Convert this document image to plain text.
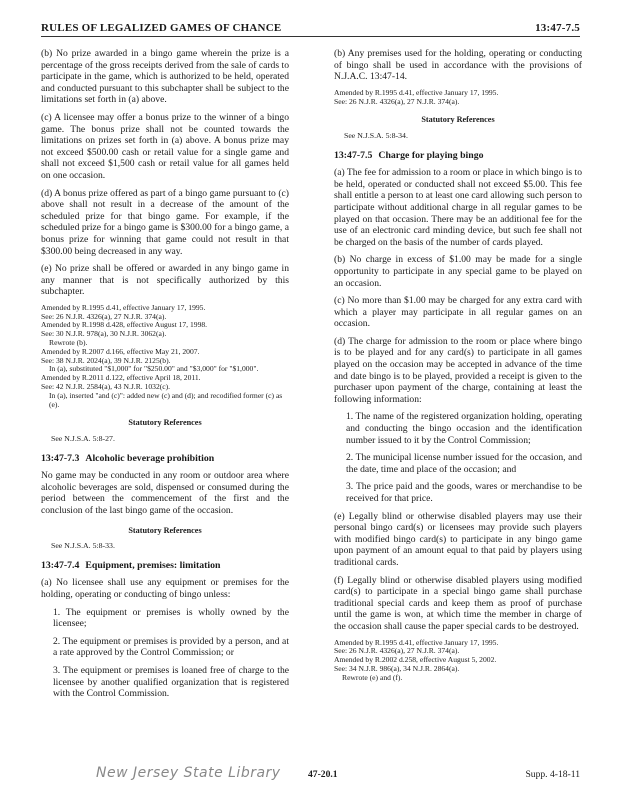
RULES OF LEGALIZED GAMES OF CHANCE	13:47-7.5

(b) No prize awarded in a bingo game wherein the prize is a percentage of the gross receipts derived from the sale of cards to participate in the game, which is authorized to be held, operated and conducted pursuant to this subchapter shall be subject to the limitations set forth in (a) above.

(c) A licensee may offer a bonus prize to the winner of a bingo game. The bonus prize shall not be counted towards the limitations on prizes set forth in (a) above. A bonus prize may not exceed $500.00 cash or retail value for a single game and shall not exceed $1,500 cash or retail value for all games held on one occasion.

(d) A bonus prize offered as part of a bingo game pursuant to (c) above shall not result in a decrease of the amount of the scheduled prize for that bingo game. For example, if the scheduled prize for a bingo game is $300.00 for a bingo game, a bonus prize for winning that game could not result in that $300.00 being decreased in any way.

(e) No prize shall be offered or awarded in any bingo game in any manner that is not specifically authorized by this subchapter.

Amended by R.1995 d.41, effective January 17, 1995.
See: 26 N.J.R. 4326(a), 27 N.J.R. 374(a).
Amended by R.1998 d.428, effective August 17, 1998.
See: 30 N.J.R. 978(a), 30 N.J.R. 3062(a).
Rewrote (b).
Amended by R.2007 d.166, effective May 21, 2007.
See: 38 N.J.R. 2024(a), 39 N.J.R. 2125(b).
In (a), substituted "$1,000" for "$250.00" and "$3,000" for "$1,000".
Amended by R.2011 d.122, effective April 18, 2011.
See: 42 N.J.R. 2584(a), 43 N.J.R. 1032(c).
In (a), inserted "and (c)": added new (c) and (d); and recodified former (c) as (e).
Statutory References
See N.J.S.A. 5:8-27.
13:47-7.3 Alcoholic beverage prohibition

No game may be conducted in any room or outdoor area where alcoholic beverages are sold, dispensed or consumed during the period between the commencement of the first and the conclusion of the last bingo game of the occasion.

Statutory References
See N.J.S.A. 5:8-33.
13:47-7.4 Equipment, premises: limitation

(a) No licensee shall use any equipment or premises for the holding, operating or conducting of bingo unless:

1. The equipment or premises is wholly owned by the licensee;

2. The equipment or premises is provided by a person, and at a rate approved by the Control Commission; or

3. The equipment or premises is loaned free of charge to the licensee by another qualified organization that is registered with the Control Commission.

(b) Any premises used for the holding, operating or conducting of bingo shall be used in accordance with the provisions of N.J.A.C. 13:47-14.

Amended by R.1995 d.41, effective January 17, 1995.
See: 26 N.J.R. 4326(a), 27 N.J.R. 374(a).
Statutory References
See N.J.S.A. 5:8-34.
13:47-7.5 Charge for playing bingo

(a) The fee for admission to a room or place in which bingo is to be held, operated or conducted shall not exceed $5.00. This fee shall entitle a person to at least one card allowing such person to participate without additional charge in all regular games to be played on that occasion. There may be an additional fee for the use of an electronic card minding device, but such fee shall not be charged on the basis of the number of cards played.

(b) No charge in excess of $1.00 may be made for a single opportunity to participate in any special game to be played on an occasion.

(c) No more than $1.00 may be charged for any extra card with which a player may participate in all regular games on an occasion.

(d) The charge for admission to the room or place where bingo is to be played and for any card(s) to participate in all games played on the occasion may be accepted in advance of the time and date bingo is to be played, provided a receipt is given to the purchaser upon payment of the charge, containing at least the following information:

1. The name of the registered organization holding, operating and conducting the bingo occasion and the identification number issued to it by the Control Commission;

2. The municipal license number issued for the occasion, and the date, time and place of the occasion; and

3. The price paid and the goods, wares or merchandise to be received for that price.

(e) Legally blind or otherwise disabled players may use their personal bingo card(s) or licensees may provide such players with modified bingo card(s) to participate in any bingo game upon payment of an amount equal to that paid by players using traditional cards.

(f) Legally blind or otherwise disabled players using modified card(s) to participate in a special bingo game shall purchase traditional special cards and keep them as proof of purchase until the game is won, at which time the member in charge of the occasion shall cause the paper special cards to be destroyed.

Amended by R.1995 d.41, effective January 17, 1995.
See: 26 N.J.R. 4326(a), 27 N.J.R. 374(a).
Amended by R.2002 d.258, effective August 5, 2002.
See: 34 N.J.R. 986(a), 34 N.J.R. 2864(a).
Rewrote (e) and (f).
New Jersey State Library	47-20.1	Supp. 4-18-11
